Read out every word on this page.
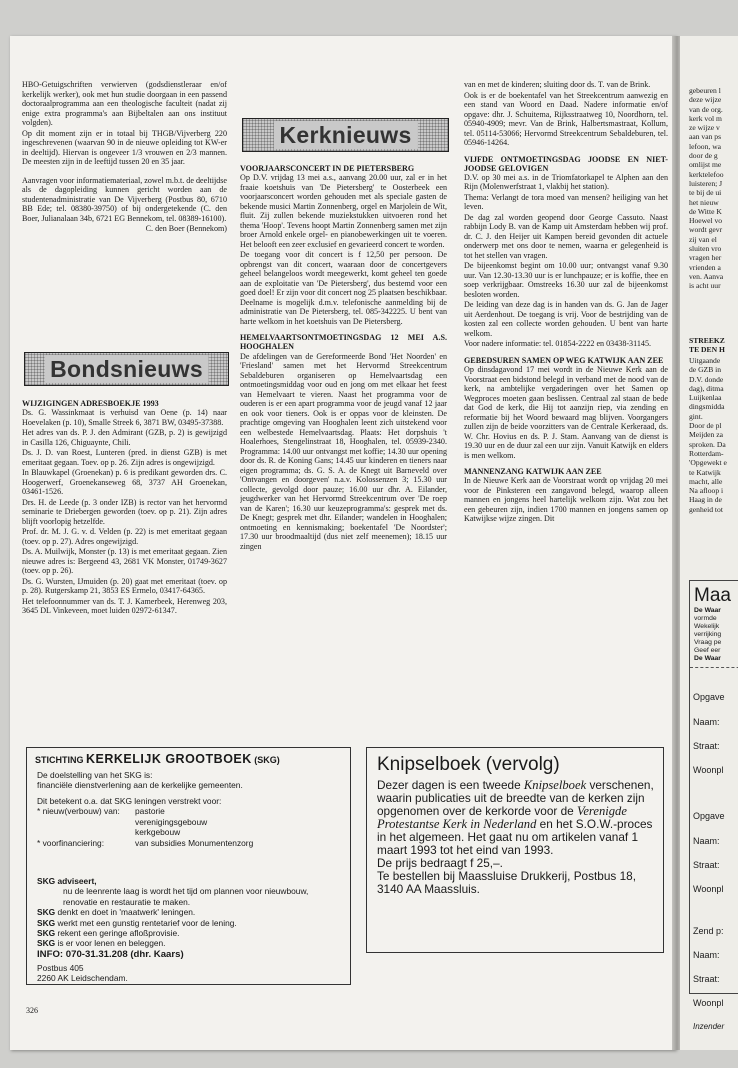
HBO-Getuigschriften verwierven (godsdienstleraar en/of kerkelijk werker), ook met hun studie doorgaan in een passend doctoraalprogramma aan een theologische faculteit (nadat zij enige extra programma's aan Bijbeltalen aan ons instituut volgden).

Op dit moment zijn er in totaal bij THGB/Vijverberg 220 ingeschrevenen (waarvan 90 in de nieuwe opleiding tot KW-er in deeltijd). Hiervan is ongeveer 1/3 vrouwen en 2/3 mannen. De meesten zijn in de leeftijd tussen 20 en 35 jaar.

Aanvragen voor informatiemateriaal, zowel m.b.t. de deeltijdse als de dagopleiding kunnen gericht worden aan de studentenadministratie van De Vijverberg (Postbus 80, 6710 BB Ede; tel. 08380-39750) of bij ondergetekende (C. den Boer, Julianalaan 34b, 6721 EG Bennekom, tel. 08389-16100).

C. den Boer (Bennekom)

Bondsnieuws
WIJZIGINGEN ADRESBOEKJE 1993

Ds. G. Wassinkmaat is verhuisd van Oene (p. 14) naar Hoevelaken (p. 10), Smalle Streek 6, 3871 BW, 03495-37388.

Het adres van ds. P. J. den Admirant (GZB, p. 2) is gewijzigd in Casilla 126, Chiguaynte, Chili.

Ds. J. D. van Roest, Lunteren (pred. in dienst GZB) is met emeritaat gegaan. Toev. op p. 26. Zijn adres is ongewijzigd.

In Blauwkapel (Groenekan) p. 6 is predikant geworden drs. C. Hoogerwerf, Groenekanseweg 68, 3737 AH Groenekan, 03461-1526.

Drs. H. de Leede (p. 3 onder IZB) is rector van het hervormd seminarie te Driebergen geworden (toev. op p. 21). Zijn adres blijft voorlopig hetzelfde.

Prof. dr. M. J. G. v. d. Velden (p. 22) is met emeritaat gegaan (toev. op p. 27). Adres ongewijzigd.

Ds. A. Muilwijk, Monster (p. 13) is met emeritaat gegaan. Zien nieuwe adres is: Bergeend 43, 2681 VK Monster, 01749-3627 (toev. op p. 26).

Ds. G. Wursten, IJmuiden (p. 20) gaat met emeritaat (toev. op p. 28). Rutgerskamp 21, 3853 ES Ermelo, 03417-64365.

Het telefoonnummer van ds. T. J. Kamerbeek, Herenweg 203, 3645 DL Vinkeveen, moet luiden 02972-61347.

Kerknieuws
VOORJAARSCONCERT IN DE PIETERSBERG

Op D.V. vrijdag 13 mei a.s., aanvang 20.00 uur, zal er in het fraaie koetshuis van 'De Pietersberg' te Oosterbeek een voorjaarsconcert worden gehouden met als speciale gasten de bekende musici Martin Zonnenberg, orgel en Marjolein de Wit, fluit. Zij zullen bekende muziekstukken uitvoeren rond het thema 'Hoop'. Tevens hoopt Martin Zonnenberg samen met zijn broer Arnold enkele orgel- en pianobewerkingen uit te voeren. Het belooft een zeer exclusief en gevarieerd concert te worden.

De toegang voor dit concert is f 12,50 per persoon. De opbrengst van dit concert, waaraan door de concertgevers geheel belangeloos wordt meegewerkt, komt geheel ten goede aan de exploitatie van 'De Pietersberg', dus bestemd voor een goed doel! Er zijn voor dit concert nog 25 plaatsen beschikbaar. Deelname is mogelijk d.m.v. telefonische aanmelding bij de administratie van De Pietersberg, tel. 085-342225. U bent van harte welkom in het koetshuis van De Pietersberg.

HEMELVAARTSONTMOETINGSDAG 12 MEI A.S. HOOGHALEN

De afdelingen van de Gereformeerde Bond 'Het Noorden' en 'Friesland' samen met het Hervormd Streekcentrum Sebaldeburen organiseren op Hemelvaartsdag een ontmoetingsmiddag voor oud en jong om met elkaar het feest van Hemelvaart te vieren. Naast het programma voor de ouderen is er een apart programma voor de jeugd vanaf 12 jaar en ook voor tieners. Ook is er oppas voor de kleinsten. De prachtige omgeving van Hooghalen leent zich uitstekend voor een welbestede Hemelvaartsdag. Plaats: Het dorpshuis 't Hoalerhoes, Stengelinstraat 18, Hooghalen, tel. 05939-2340. Programma: 14.00 uur ontvangst met koffie; 14.30 uur opening door ds. R. de Koning Gans; 14.45 uur kinderen en tieners naar eigen programma; ds. G. S. A. de Knegt uit Barneveld over 'Ontvangen en doorgeven' n.a.v. Kolossenzen 3; 15.30 uur collecte, gevolgd door pauze; 16.00 uur dhr. A. Eilander, jeugdwerker van het Hervormd Streekcentrum over 'De roep van de Karen'; 16.30 uur keuzeprogramma's: gesprek met ds. De Knegt; gesprek met dhr. Eilander; wandelen in Hooghalen; ontmoeting en kennismaking; boekentafel 'De Noordster'; 17.30 uur broodmaaltijd (dus niet zelf meenemen); 18.15 uur zingen

van en met de kinderen; sluiting door ds. T. van de Brink.

Ook is er de boekentafel van het Streekcentrum aanwezig en een stand van Woord en Daad. Nadere informatie en/of opgave: dhr. J. Schuitema, Rijksstraatweg 10, Noordhorn, tel. 05940-4909; mevr. Van de Brink, Halbertsmastraat, Kollum, tel. 05114-53066; Hervormd Streekcentrum Sebaldeburen, tel. 05946-14264.

VIJFDE ONTMOETINGSDAG JOODSE EN NIET-JOODSE GELOVIGEN

D.V. op 30 mei a.s. in de Triomfatorkapel te Alphen aan den Rijn (Molenwerfstraat 1, vlakbij het station).

Thema: Verlangt de tora moed van mensen? heiliging van het leven.

De dag zal worden geopend door George Cassuto. Naast rabbijn Lody B. van de Kamp uit Amsterdam hebben wij prof. dr. C. J. den Heijer uit Kampen bereid gevonden dit actuele onderwerp met ons door te nemen, waarna er gelegenheid is tot het stellen van vragen.

De bijeenkomst begint om 10.00 uur; ontvangst vanaf 9.30 uur. Van 12.30-13.30 uur is er lunchpauze; er is koffie, thee en soep verkrijgbaar. Omstreeks 16.30 uur zal de bijeenkomst besloten worden.

De leiding van deze dag is in handen van ds. G. Jan de Jager uit Aerdenhout. De toegang is vrij. Voor de bestrijding van de kosten zal een collecte worden gehouden. U bent van harte welkom.

Voor nadere informatie: tel. 01854-2222 en 03438-31145.

GEBEDSUREN SAMEN OP WEG KATWIJK AAN ZEE

Op dinsdagavond 17 mei wordt in de Nieuwe Kerk aan de Voorstraat een bidstond belegd in verband met de nood van de kerk, na ambtelijke vergaderingen over het Samen op Wegproces moeten gaan beslissen. Centraal zal staan de bede dat God de kerk, die Hij tot aanzijn riep, via zending en reformatie bij het Woord bewaard mag blijven. Voorgangers zullen zijn de beide voorzitters van de Centrale Kerkeraad, ds. W. Chr. Hovius en ds. P. J. Stam. Aanvang van de dienst is 19.30 uur en de duur zal een uur zijn. Vanuit Katwijk en elders is men welkom.

MANNENZANG KATWIJK AAN ZEE

In de Nieuwe Kerk aan de Voorstraat wordt op vrijdag 20 mei voor de Pinksteren een zangavond belegd, waarop alleen mannen en jongens heel hartelijk welkom zijn. Wat zou het een gebeuren zijn, indien 1700 mannen en jongens samen op Katwijkse wijze zingen. Dit

STICHTING KERKELIJK GROOTBOEK (SKG)
De doelstelling van het SKG is:
financiële dienstverlening aan de kerkelijke gemeenten.
Dit betekent o.a. dat SKG leningen verstrekt voor:
* nieuw(verbouw) van:	pastorie
verenigingsgebouw
kerkgebouw
* voorfinanciering:	van subsidies Monumentenzorg
SKG adviseert,
nu de leenrente laag is wordt het tijd om plannen voor nieuwbouw, renovatie en restauratie te maken.
SKG denkt en doet in 'maatwerk' leningen.
SKG werkt met een gunstig rentetarief voor de lening.
SKG rekent een geringe afloßprovisie.
SKG is er voor lenen en beleggen.
INFO: 070-31.31.208 (dhr. Kaars)
Postbus 405
2260 AK Leidschendam.
Knipselboek (vervolg)

Dezer dagen is een tweede Knipselboek verschenen, waarin publicaties uit de breedte van de kerken zijn opgenomen over de kerkorde voor de Verenigde Protestantse Kerk in Nederland en het S.O.W.-proces in het algemeen. Het gaat nu om artikelen vanaf 1 maart 1993 tot het eind van 1993.

De prijs bedraagt f 25,–.

Te bestellen bij Maassluise Drukkerij, Postbus 18, 3140 AA Maassluis.

326
gebeuren l
deze wijze
van de org.
kerk vol m
ze wijze v
aan van ps
lefoon, wa
door de g
omlijst me
kerktelefoo
luisteren; J
te bij de ui
het nieuw
de Witte K
Hoewel vo
wordt gevr
zij van el
sluiten vro
vragen her
vrienden a
ven. Aanva
is acht uur
STREEKZ
TE DEN H
Uitgaande
de GZB in
D.V. donde
dag), ditma
Luijkenlaa
dingsmidda
gint.
Door de pl
Meijden za
sproken. Da
Rotterdam-
'Opgewekt e
te Katwijk
macht, alle
Na afloop i
Haag in de
genheid tot
Maa
De Waar
vormde
Wekelijk
verrijking
Vraag pe
Geef eer
De Waar
Opgave
Naam:
Straat:
Woonpl
Opgave
Naam:
Straat:
Woonpl
Zend p:
Naam:
Straat:
Woonpl
Inzender
